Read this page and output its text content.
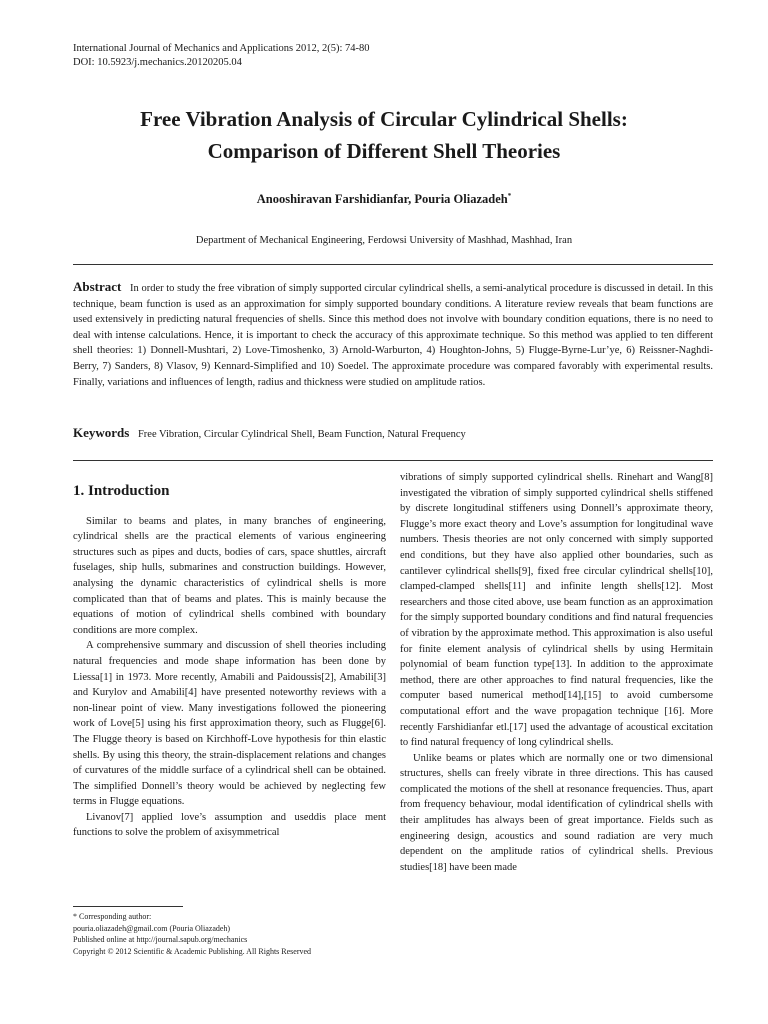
International Journal of Mechanics and Applications 2012, 2(5): 74-80
DOI: 10.5923/j.mechanics.20120205.04
Free Vibration Analysis of Circular Cylindrical Shells:
Comparison of Different Shell Theories
Anooshiravan Farshidianfar, Pouria Oliazadeh*
Department of Mechanical Engineering, Ferdowsi University of Mashhad, Mashhad, Iran

Abstract In order to study the free vibration of simply supported circular cylindrical shells, a semi-analytical procedure is discussed in detail. In this technique, beam function is used as an approximation for simply supported boundary conditions. A literature review reveals that beam functions are used extensively in predicting natural frequencies of shells. Since this method does not involve with boundary condition equations, there is no need to deal with intense calculations. Hence, it is important to check the accuracy of this approximate technique. So this method was applied to ten different shell theories: 1) Donnell-Mushtari, 2) Love-Timoshenko, 3) Arnold-Warburton, 4) Houghton-Johns, 5) Flugge-Byrne-Lur’ye, 6) Reissner-Naghdi-Berry, 7) Sanders, 8) Vlasov, 9) Kennard-Simplified and 10) Soedel. The approximate procedure was compared favorably with experimental results. Finally, variations and influences of length, radius and thickness were studied on amplitude ratios.

Keywords Free Vibration, Circular Cylindrical Shell, Beam Function, Natural Frequency

1. Introduction

Similar to beams and plates, in many branches of engineering, cylindrical shells are the practical elements of various engineering structures such as pipes and ducts, bodies of cars, space shuttles, aircraft fuselages, ship hulls, submarines and construction buildings. However, analysing the dynamic characteristics of cylindrical shells is more complicated than that of beams and plates. This is mainly because the equations of motion of cylindrical shells combined with boundary conditions are more complex.

A comprehensive summary and discussion of shell theories including natural frequencies and mode shape information has been done by Liessa[1] in 1973. More recently, Amabili and Paidoussis[2], Amabili[3] and Kurylov and Amabili[4] have presented noteworthy reviews with a non-linear point of view. Many investigations followed the pioneering work of Love[5] using his first approximation theory, such as Flugge[6]. The Flugge theory is based on Kirchhoff-Love hypothesis for thin elastic shells. By using this theory, the strain-displacement relations and changes of curvatures of the middle surface of a cylindrical shell can be obtained. The simplified Donnell’s theory would be achieved by neglecting few terms in Flugge equations.

Livanov[7] applied love’s assumption and useddis place ment functions to solve the problem of axisymmetrical

vibrations of simply supported cylindrical shells. Rinehart and Wang[8] investigated the vibration of simply supported cylindrical shells stiffened by discrete longitudinal stiffeners using Donnell’s approximate theory, Flugge’s more exact theory and Love’s assumption for longitudinal wave numbers. Thesis theories are not only concerned with simply supported end conditions, but they have also applied other boundaries, such as cantilever cylindrical shells[9], fixed free circular cylindrical shells[10], clamped-clamped shells[11] and infinite length shells[12]. Most researchers and those cited above, use beam function as an approximation for the simply supported boundary conditions and find natural frequencies of vibration by the approximate method. This approximation is also useful for finite element analysis of cylindrical shells by using Hermitain polynomial of beam function type[13]. In addition to the approximate method, there are other approaches to find natural frequencies, like the computer based numerical method[14],[15] to avoid cumbersome computational effort and the wave propagation technique [16]. More recently Farshidianfar etl.[17] used the advantage of acoustical excitation to find natural frequency of long cylindrical shells.

Unlike beams or plates which are normally one or two dimensional structures, shells can freely vibrate in three directions. This has caused complicated the motions of the shell at resonance frequencies. Thus, apart from frequency behaviour, modal identification of cylindrical shells with their amplitudes has always been of great importance. Fields such as engineering design, acoustics and sound radiation are very much dependent on the amplitude ratios of cylindrical shells. Previous studies[18] have been made

* Corresponding author:
pouria.oliazadeh@gmail.com (Pouria Oliazadeh)
Published online at http://journal.sapub.org/mechanics
Copyright © 2012 Scientific & Academic Publishing. All Rights Reserved
